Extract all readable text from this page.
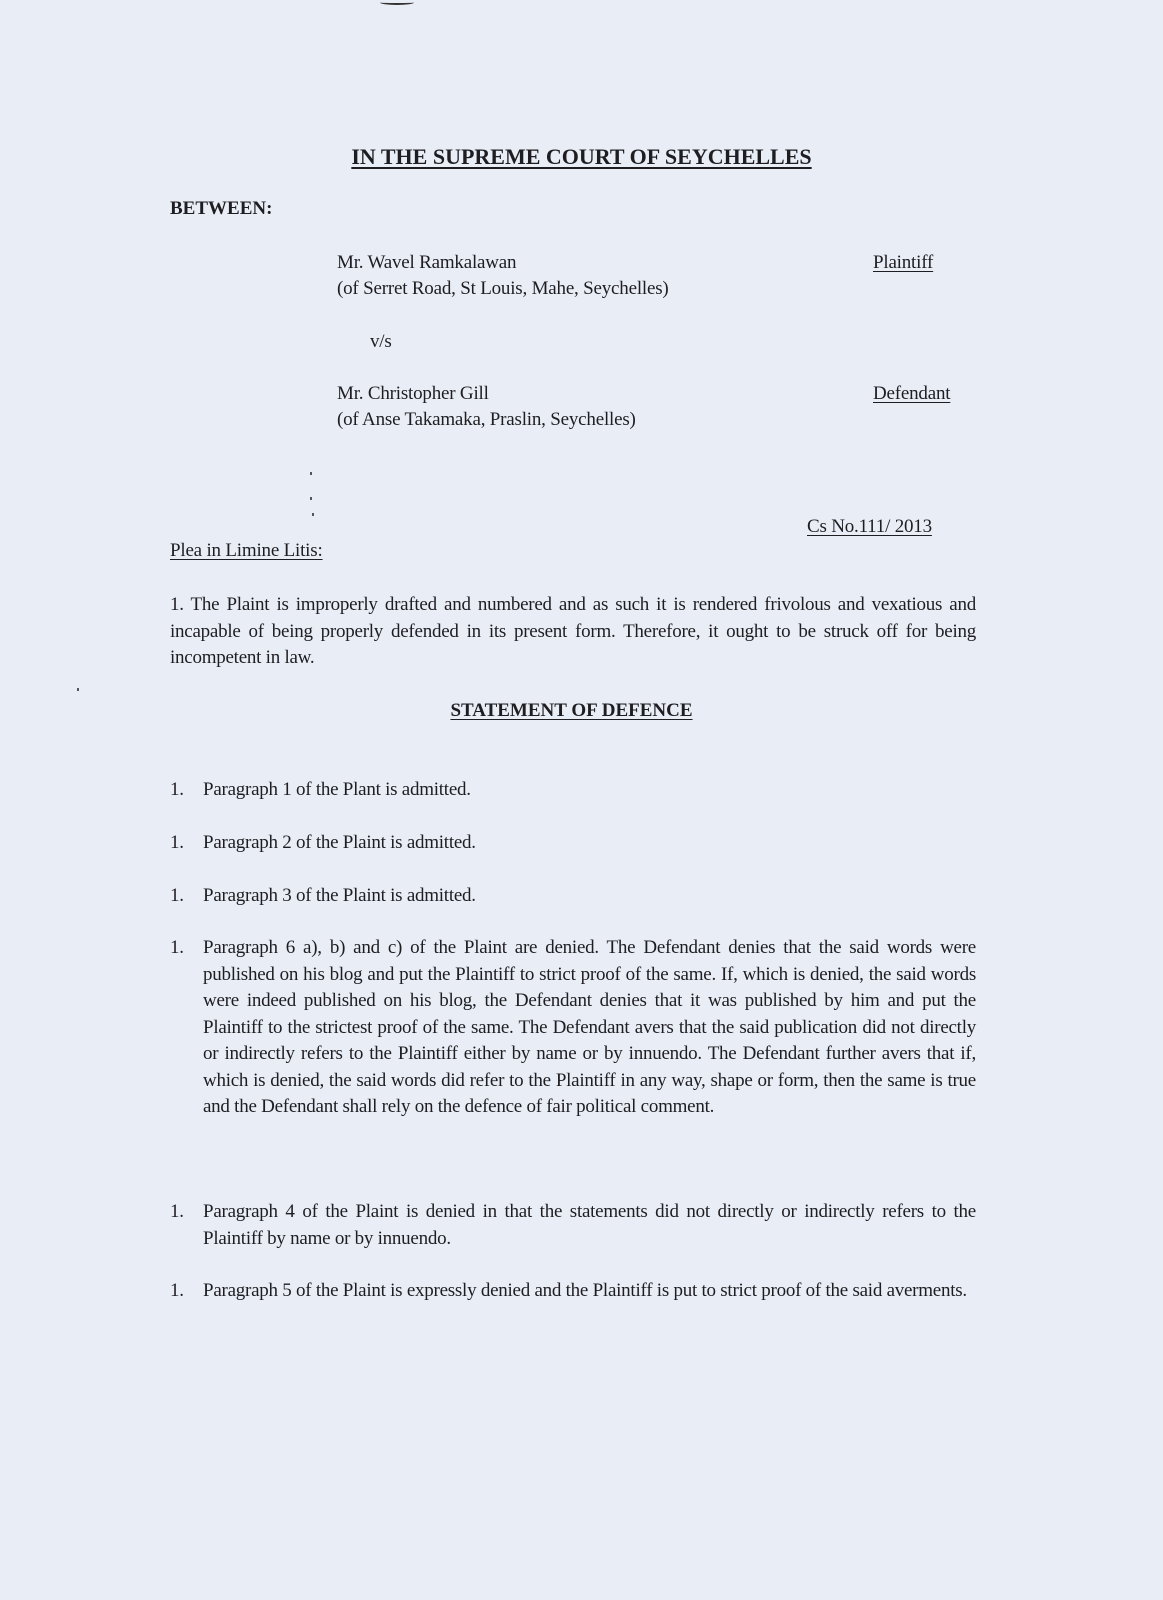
IN THE SUPREME COURT OF SEYCHELLES
BETWEEN:
Mr. Wavel Ramkalawan
(of Serret Road, St Louis, Mahe, Seychelles)
Plaintiff
v/s
Mr. Christopher Gill
(of Anse Takamaka, Praslin, Seychelles)
Defendant
Cs No.111/ 2013
Plea in Limine Litis:
1. The Plaint is improperly drafted and numbered and as such it is rendered frivolous and vexatious and incapable of being properly defended in its present form. Therefore, it ought to be struck off for being incompetent in law.
STATEMENT OF DEFENCE
1.	Paragraph 1 of the Plant is admitted.
1.	Paragraph 2 of the Plaint is admitted.
1.	Paragraph 3 of the Plaint is admitted.
1.	Paragraph 6 a), b) and c) of the Plaint are denied. The Defendant denies that the said words were published on his blog and put the Plaintiff to strict proof of the same. If, which is denied, the said words were indeed published on his blog, the Defendant denies that it was published by him and put the Plaintiff to the strictest proof of the same. The Defendant avers that the said publication did not directly or indirectly refers to the Plaintiff either by name or by innuendo. The Defendant further avers that if, which is denied, the said words did refer to the Plaintiff in any way, shape or form, then the same is true and the Defendant shall rely on the defence of fair political comment.
1.	Paragraph 4 of the Plaint is denied in that the statements did not directly or indirectly refers to the Plaintiff by name or by innuendo.
1.	Paragraph 5 of the Plaint is expressly denied and the Plaintiff is put to strict proof of the said averments.
